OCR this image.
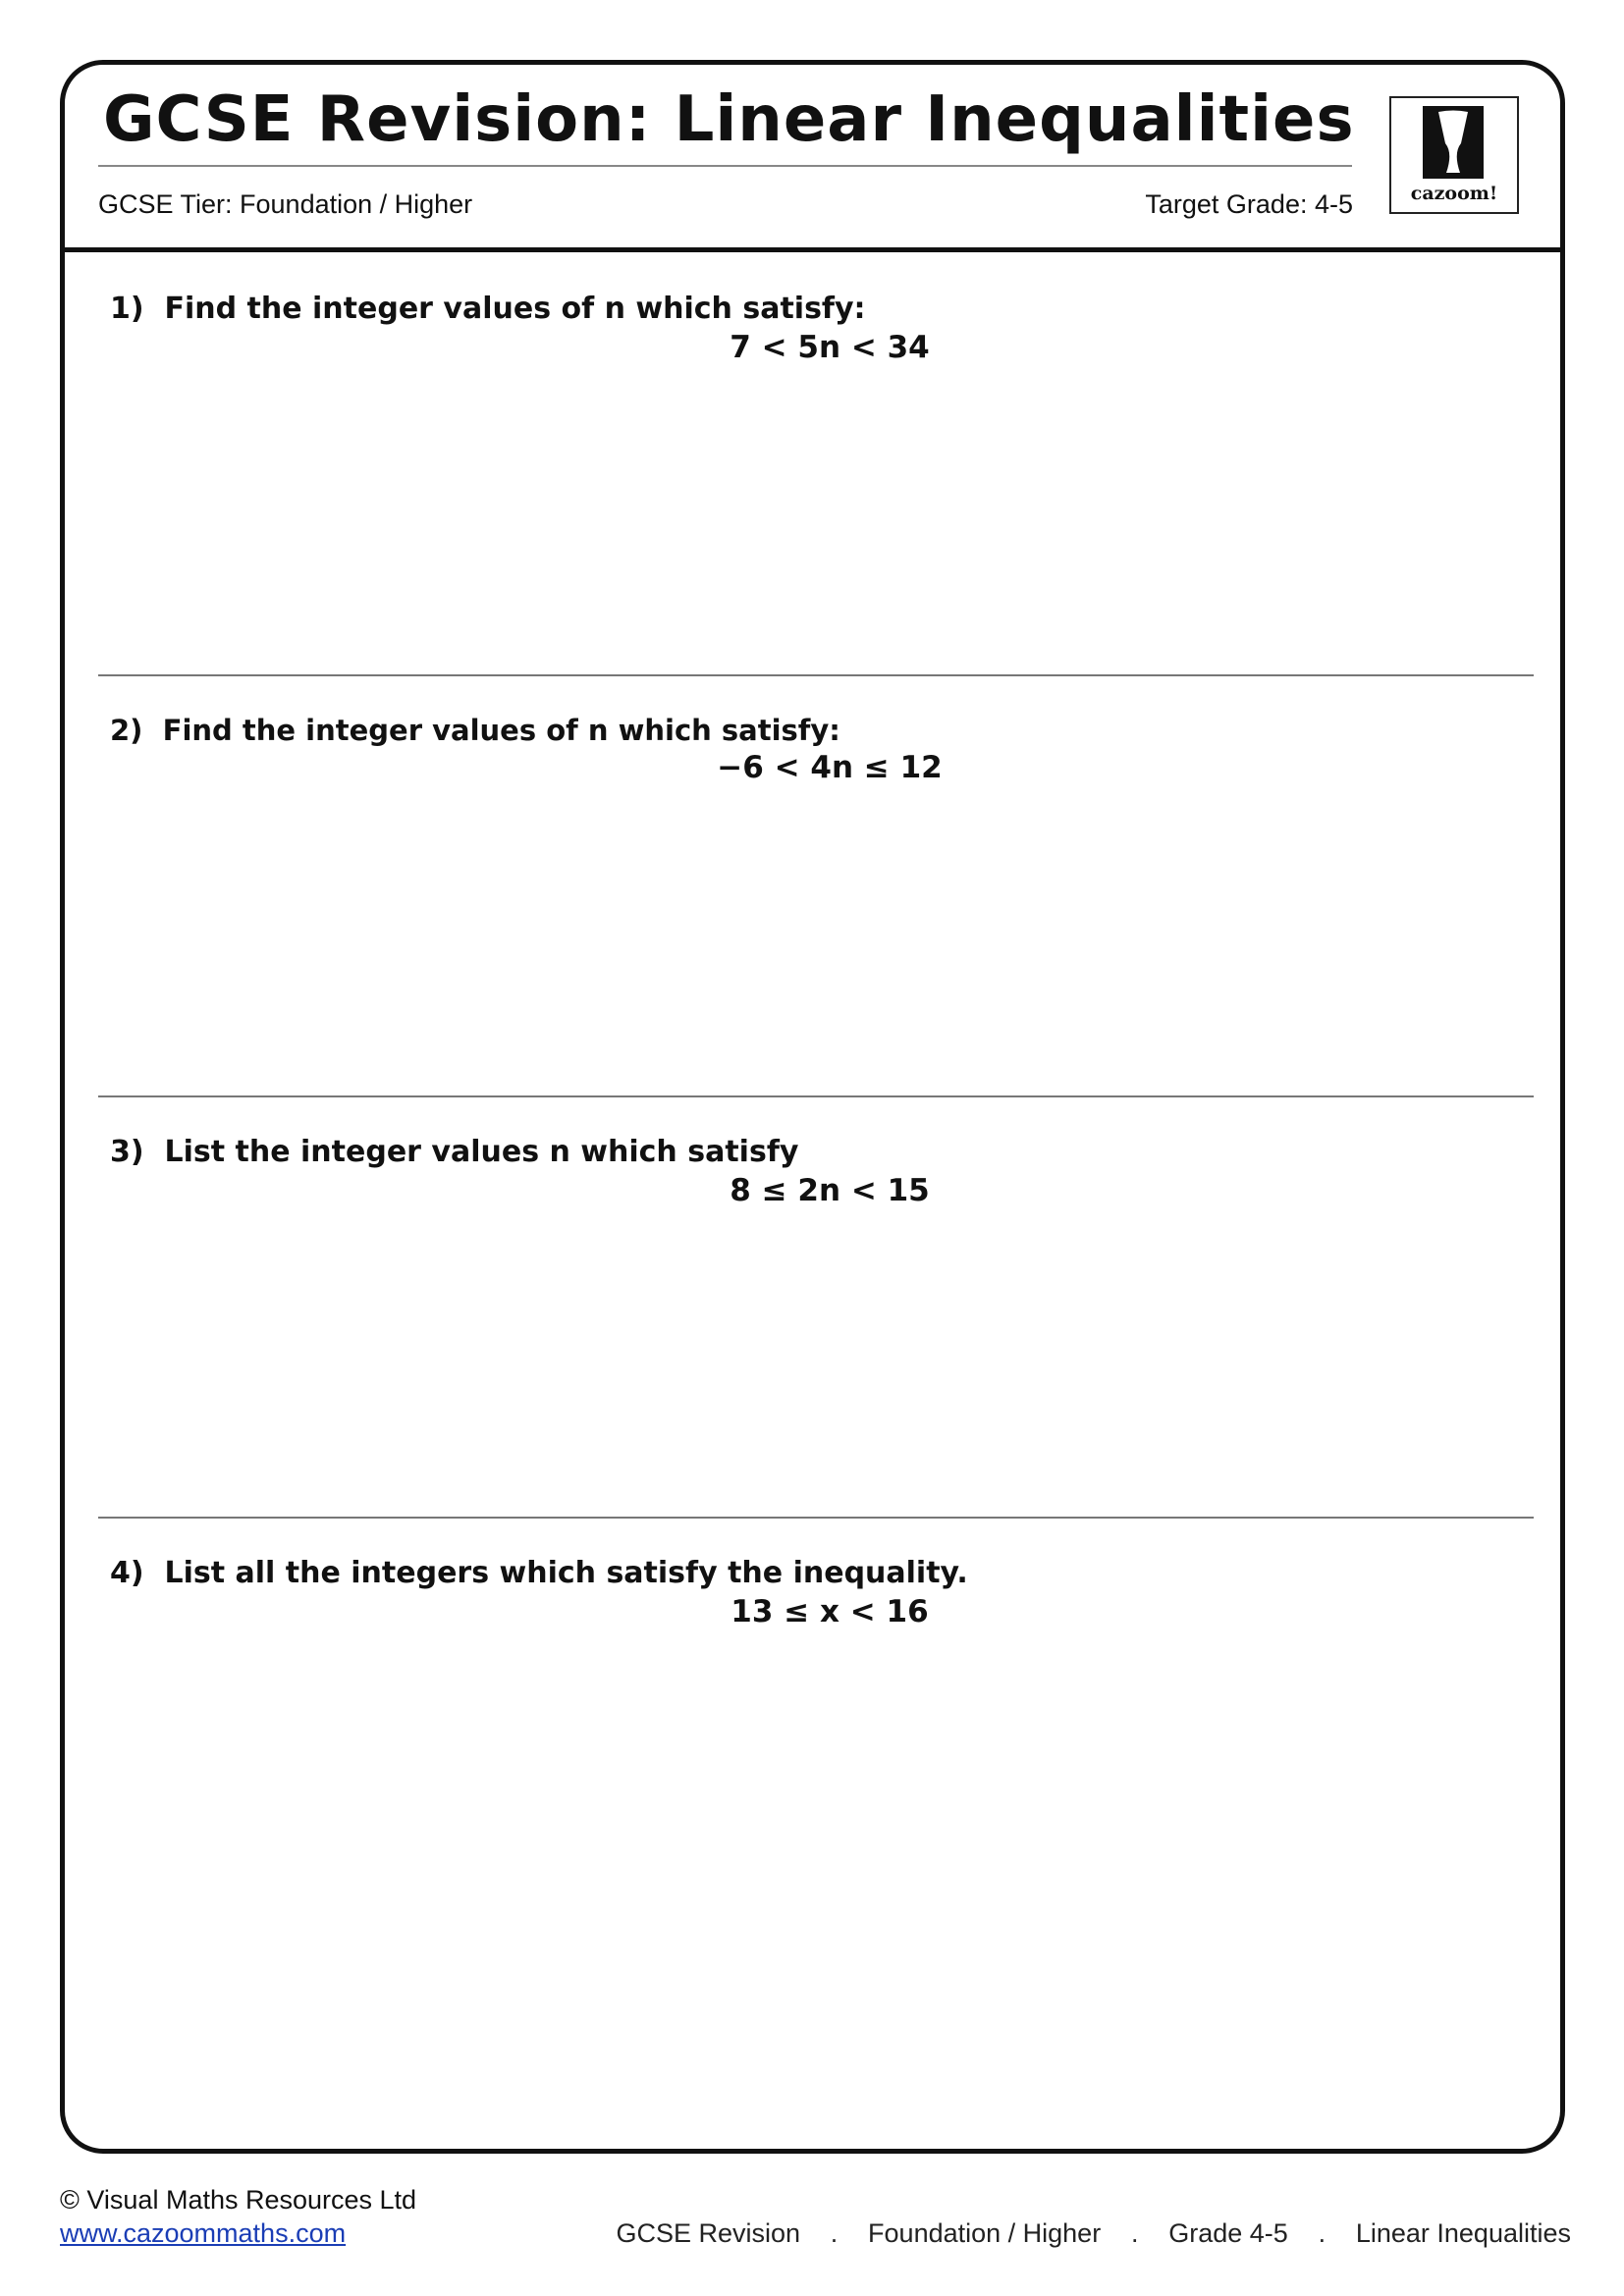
GCSE Revision: Linear Inequalities
GCSE Tier: Foundation / Higher	Target Grade: 4-5	cazoom!
1) Find the integer values of n which satisfy:
7 < 5n < 34
2) Find the integer values of n which satisfy:
−6 < 4n ≤ 12
3) List the integer values n which satisfy
8 ≤ 2n < 15
4) List all the integers which satisfy the inequality.
13 ≤ x < 16
© Visual Maths Resources Ltd
www.cazoommaths.com	GCSE Revision . Foundation / Higher . Grade 4-5 . Linear Inequalities
